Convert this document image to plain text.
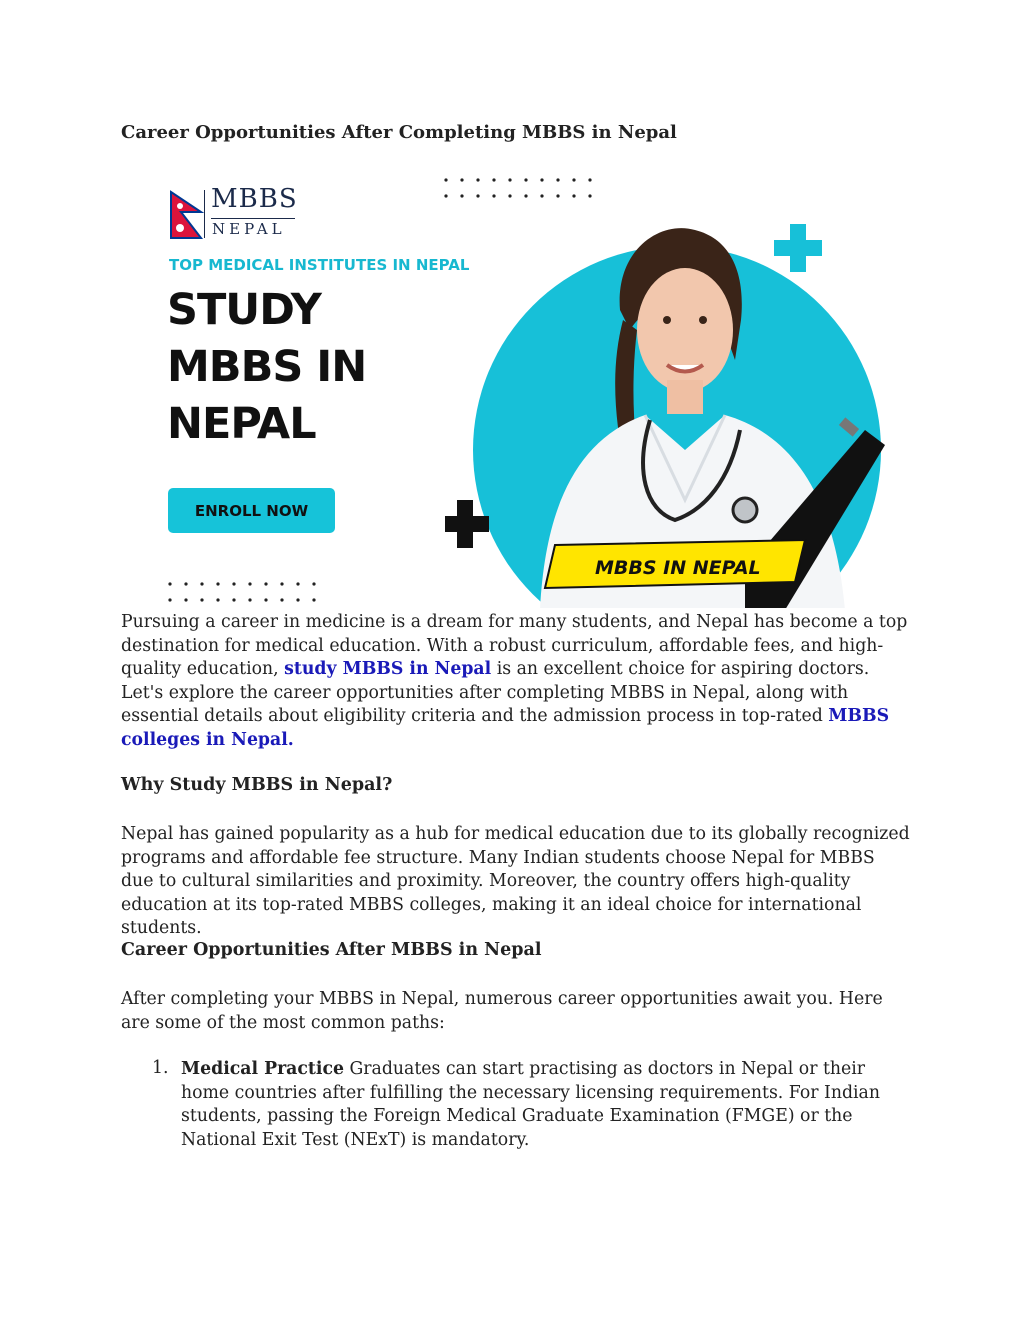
Career Opportunities After Completing MBBS in Nepal
MBBS
NEPAL
TOP MEDICAL INSTITUTES IN NEPAL
STUDY
MBBS IN
NEPAL
ENROLL NOW
MBBS IN NEPAL

Pursuing a career in medicine is a dream for many students, and Nepal has become a top destination for medical education. With a robust curriculum, affordable fees, and high-quality education, study MBBS in Nepal is an excellent choice for aspiring doctors. Let's explore the career opportunities after completing MBBS in Nepal, along with essential details about eligibility criteria and the admission process in top-rated MBBS colleges in Nepal.

Why Study MBBS in Nepal?

Nepal has gained popularity as a hub for medical education due to its globally recognized programs and affordable fee structure. Many Indian students choose Nepal for MBBS due to cultural similarities and proximity. Moreover, the country offers high-quality education at its top-rated MBBS colleges, making it an ideal choice for international students.

Career Opportunities After MBBS in Nepal

After completing your MBBS in Nepal, numerous career opportunities await you. Here are some of the most common paths:

1. Medical Practice Graduates can start practising as doctors in Nepal or their home countries after fulfilling the necessary licensing requirements. For Indian students, passing the Foreign Medical Graduate Examination (FMGE) or the National Exit Test (NExT) is mandatory.
